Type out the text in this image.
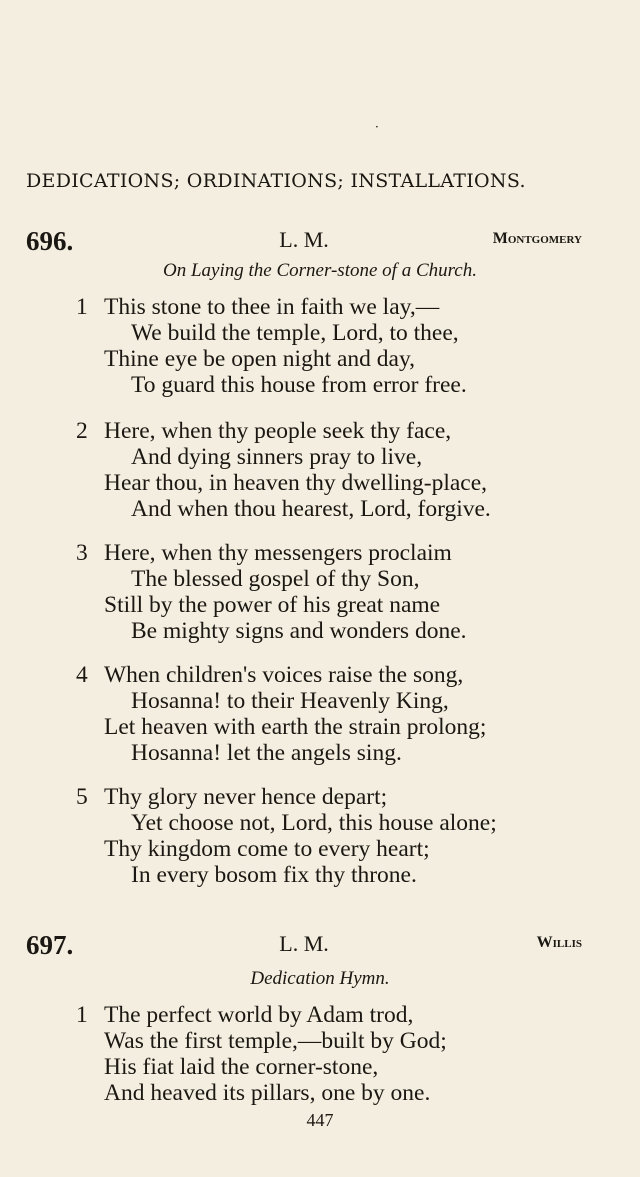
·
DEDICATIONS; ORDINATIONS; INSTALLATIONS.
696.	L. M.	Montgomery
On Laying the Corner-stone of a Church.
1 This stone to thee in faith we lay,—
We build the temple, Lord, to thee,
Thine eye be open night and day,
To guard this house from error free.
2 Here, when thy people seek thy face,
And dying sinners pray to live,
Hear thou, in heaven thy dwelling-place,
And when thou hearest, Lord, forgive.
3 Here, when thy messengers proclaim
The blessed gospel of thy Son,
Still by the power of his great name
Be mighty signs and wonders done.
4 When children's voices raise the song,
Hosanna! to their Heavenly King,
Let heaven with earth the strain prolong;
Hosanna! let the angels sing.
5 Thy glory never hence depart;
Yet choose not, Lord, this house alone;
Thy kingdom come to every heart;
In every bosom fix thy throne.
697.	L. M.	Willis
Dedication Hymn.
1 The perfect world by Adam trod,
Was the first temple,—built by God;
His fiat laid the corner-stone,
And heaved its pillars, one by one.
447
